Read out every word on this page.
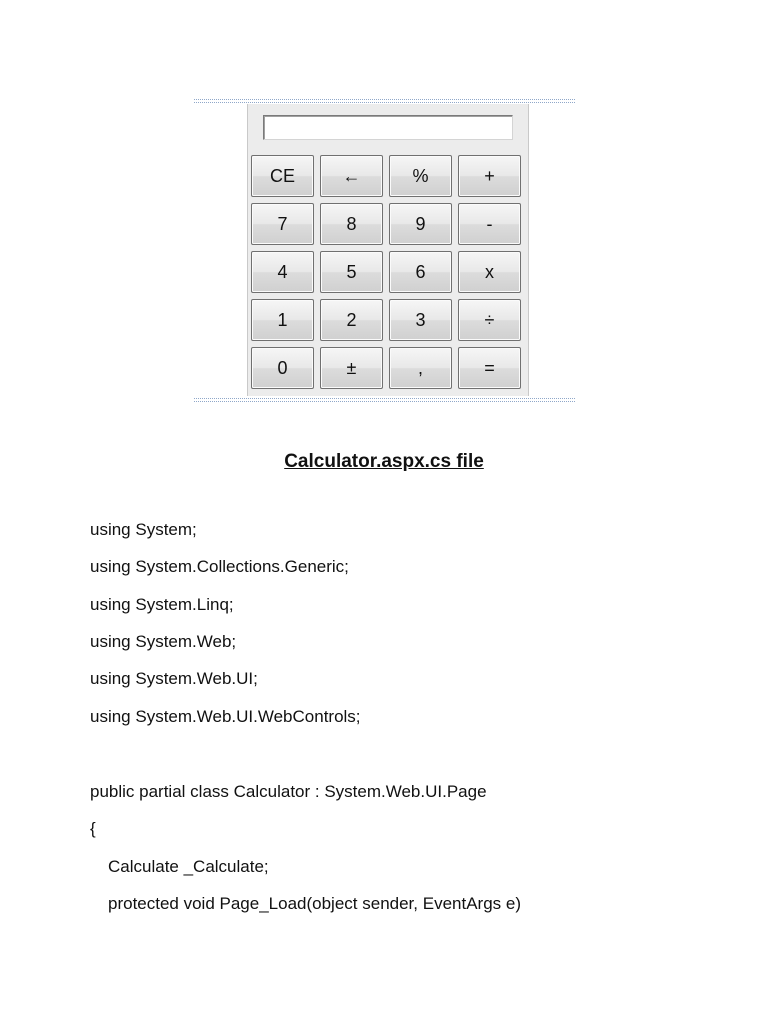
CE	←	%	+
7	8	9	-
4	5	6	x
1	2	3	÷
0	±	,	=
Calculator.aspx.cs file

using System;

using System.Collections.Generic;

using System.Linq;

using System.Web;

using System.Web.UI;

using System.Web.UI.WebControls;

public partial class Calculator : System.Web.UI.Page

{

Calculate _Calculate;

protected void Page_Load(object sender, EventArgs e)
